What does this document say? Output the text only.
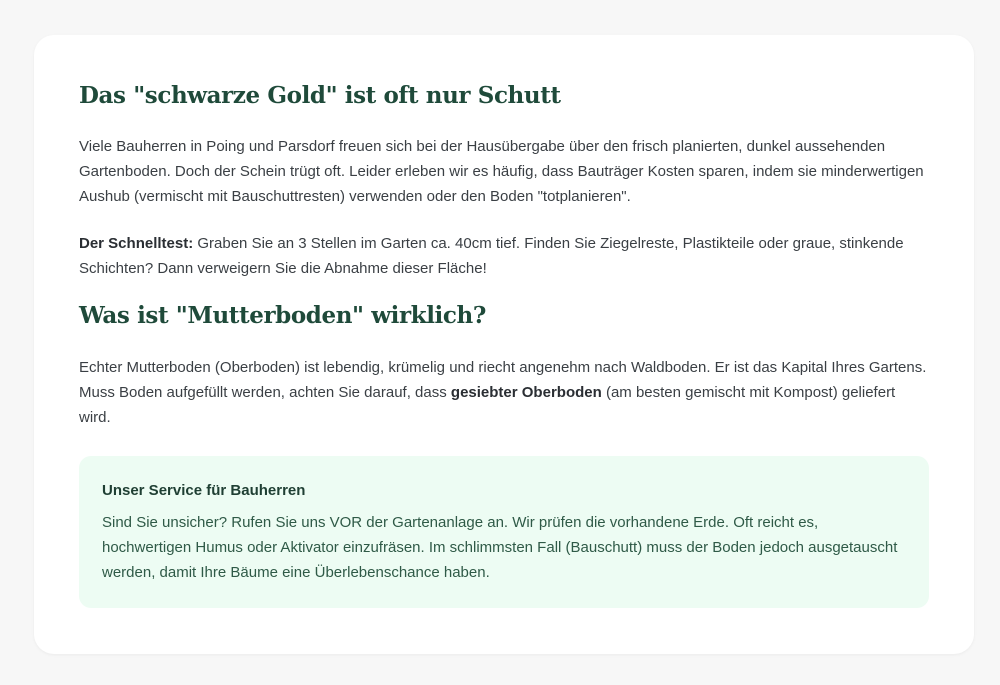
Das "schwarze Gold" ist oft nur Schutt

Viele Bauherren in Poing und Parsdorf freuen sich bei der Hausübergabe über den frisch planierten, dunkel aussehenden Gartenboden. Doch der Schein trügt oft. Leider erleben wir es häufig, dass Bauträger Kosten sparen, indem sie minderwertigen Aushub (vermischt mit Bauschuttresten) verwenden oder den Boden "totplanieren".

Der Schnelltest: Graben Sie an 3 Stellen im Garten ca. 40cm tief. Finden Sie Ziegelreste, Plastikteile oder graue, stinkende Schichten? Dann verweigern Sie die Abnahme dieser Fläche!

Was ist "Mutterboden" wirklich?

Echter Mutterboden (Oberboden) ist lebendig, krümelig und riecht angenehm nach Waldboden. Er ist das Kapital Ihres Gartens. Muss Boden aufgefüllt werden, achten Sie darauf, dass gesiebter Oberboden (am besten gemischt mit Kompost) geliefert wird.

Unser Service für Bauherren

Sind Sie unsicher? Rufen Sie uns VOR der Gartenanlage an. Wir prüfen die vorhandene Erde. Oft reicht es, hochwertigen Humus oder Aktivator einzufräsen. Im schlimmsten Fall (Bauschutt) muss der Boden jedoch ausgetauscht werden, damit Ihre Bäume eine Überlebenschance haben.
